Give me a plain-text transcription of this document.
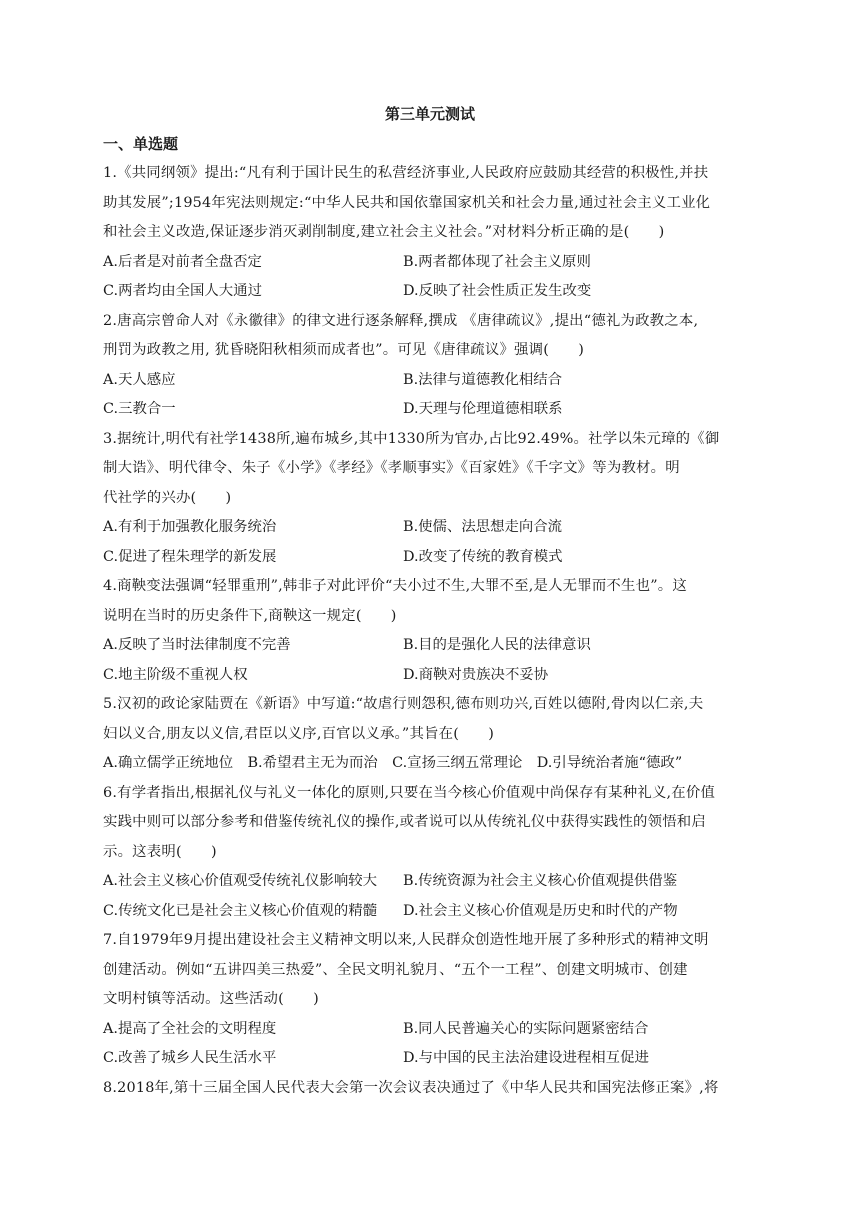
第三单元测试
一、单选题
1.《共同纲领》提出:“凡有利于国计民生的私营经济事业,人民政府应鼓励其经营的积极性,并扶
助其发展”;1954年宪法则规定:“中华人民共和国依靠国家机关和社会力量,通过社会主义工业化
和社会主义改造,保证逐步消灭剥削制度,建立社会主义社会。”对材料分析正确的是(　　)
A.后者是对前者全盘否定	B.两者都体现了社会主义原则
C.两者均由全国人大通过	D.反映了社会性质正发生改变
2.唐高宗曾命人对《永徽律》的律文进行逐条解释,撰成 《唐律疏议》,提出“德礼为政教之本,
刑罚为政教之用, 犹昏晓阳秋相须而成者也”。可见《唐律疏议》强调(　　)
A.天人感应	B.法律与道德教化相结合
C.三教合一	D.天理与伦理道德相联系
3.据统计,明代有社学1438所,遍布城乡,其中1330所为官办,占比92.49%。社学以朱元璋的《御
制大诰》、明代律令、朱子《小学》《孝经》《孝顺事实》《百家姓》《千字文》等为教材。明
代社学的兴办(　　)
A.有利于加强教化服务统治	B.使儒、法思想走向合流
C.促进了程朱理学的新发展	D.改变了传统的教育模式
4.商鞅变法强调“轻罪重刑”,韩非子对此评价“夫小过不生,大罪不至,是人无罪而不生也”。这
说明在当时的历史条件下,商鞅这一规定(　　)
A.反映了当时法律制度不完善	B.目的是强化人民的法律意识
C.地主阶级不重视人权	D.商鞅对贵族决不妥协
5.汉初的政论家陆贾在《新语》中写道:“故虐行则怨积,德布则功兴,百姓以德附,骨肉以仁亲,夫
妇以义合,朋友以义信,君臣以义序,百官以义承。”其旨在(　　)
A.确立儒学正统地位　B.希望君主无为而治　C.宣扬三纲五常理论　D.引导统治者施“德政”
6.有学者指出,根据礼仪与礼义一体化的原则,只要在当今核心价值观中尚保存有某种礼义,在价值
实践中则可以部分参考和借鉴传统礼仪的操作,或者说可以从传统礼仪中获得实践性的领悟和启
示。这表明(　　)
A.社会主义核心价值观受传统礼仪影响较大 B.传统资源为社会主义核心价值观提供借鉴
C.传统文化已是社会主义核心价值观的精髓 D.社会主义核心价值观是历史和时代的产物
7.自1979年9月提出建设社会主义精神文明以来,人民群众创造性地开展了多种形式的精神文明
创建活动。例如“五讲四美三热爱”、全民文明礼貌月、“五个一工程”、创建文明城市、创建
文明村镇等活动。这些活动(　　)
A.提高了全社会的文明程度	B.同人民普遍关心的实际问题紧密结合
C.改善了城乡人民生活水平	D.与中国的民主法治建设进程相互促进
8.2018年,第十三届全国人民代表大会第一次会议表决通过了《中华人民共和国宪法修正案》,将
